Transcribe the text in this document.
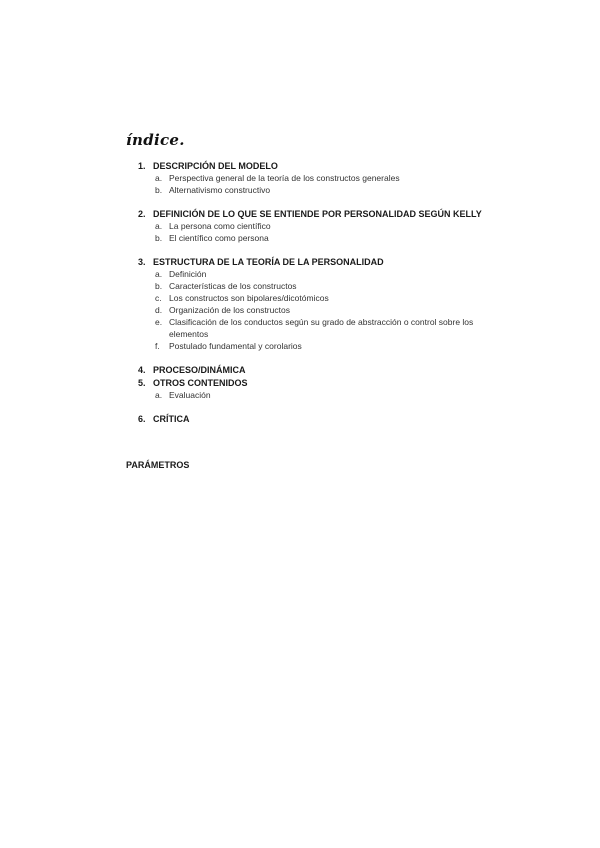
índice.
1. DESCRIPCIÓN DEL MODELO
a. Perspectiva general de la teoría de los constructos generales
b. Alternativismo constructivo
2. DEFINICIÓN DE LO QUE SE ENTIENDE POR PERSONALIDAD SEGÚN KELLY
a. La persona como científico
b. El científico como persona
3. ESTRUCTURA DE LA TEORÍA DE LA PERSONALIDAD
a. Definición
b. Características de los constructos
c. Los constructos son bipolares/dicotómicos
d. Organización de los constructos
e. Clasificación de los conductos según su grado de abstracción o control sobre los elementos
f.	Postulado fundamental y corolarios
4. PROCESO/DINÁMICA
5. OTROS CONTENIDOS
a. Evaluación
6. CRÍTICA
PARÁMETROS
